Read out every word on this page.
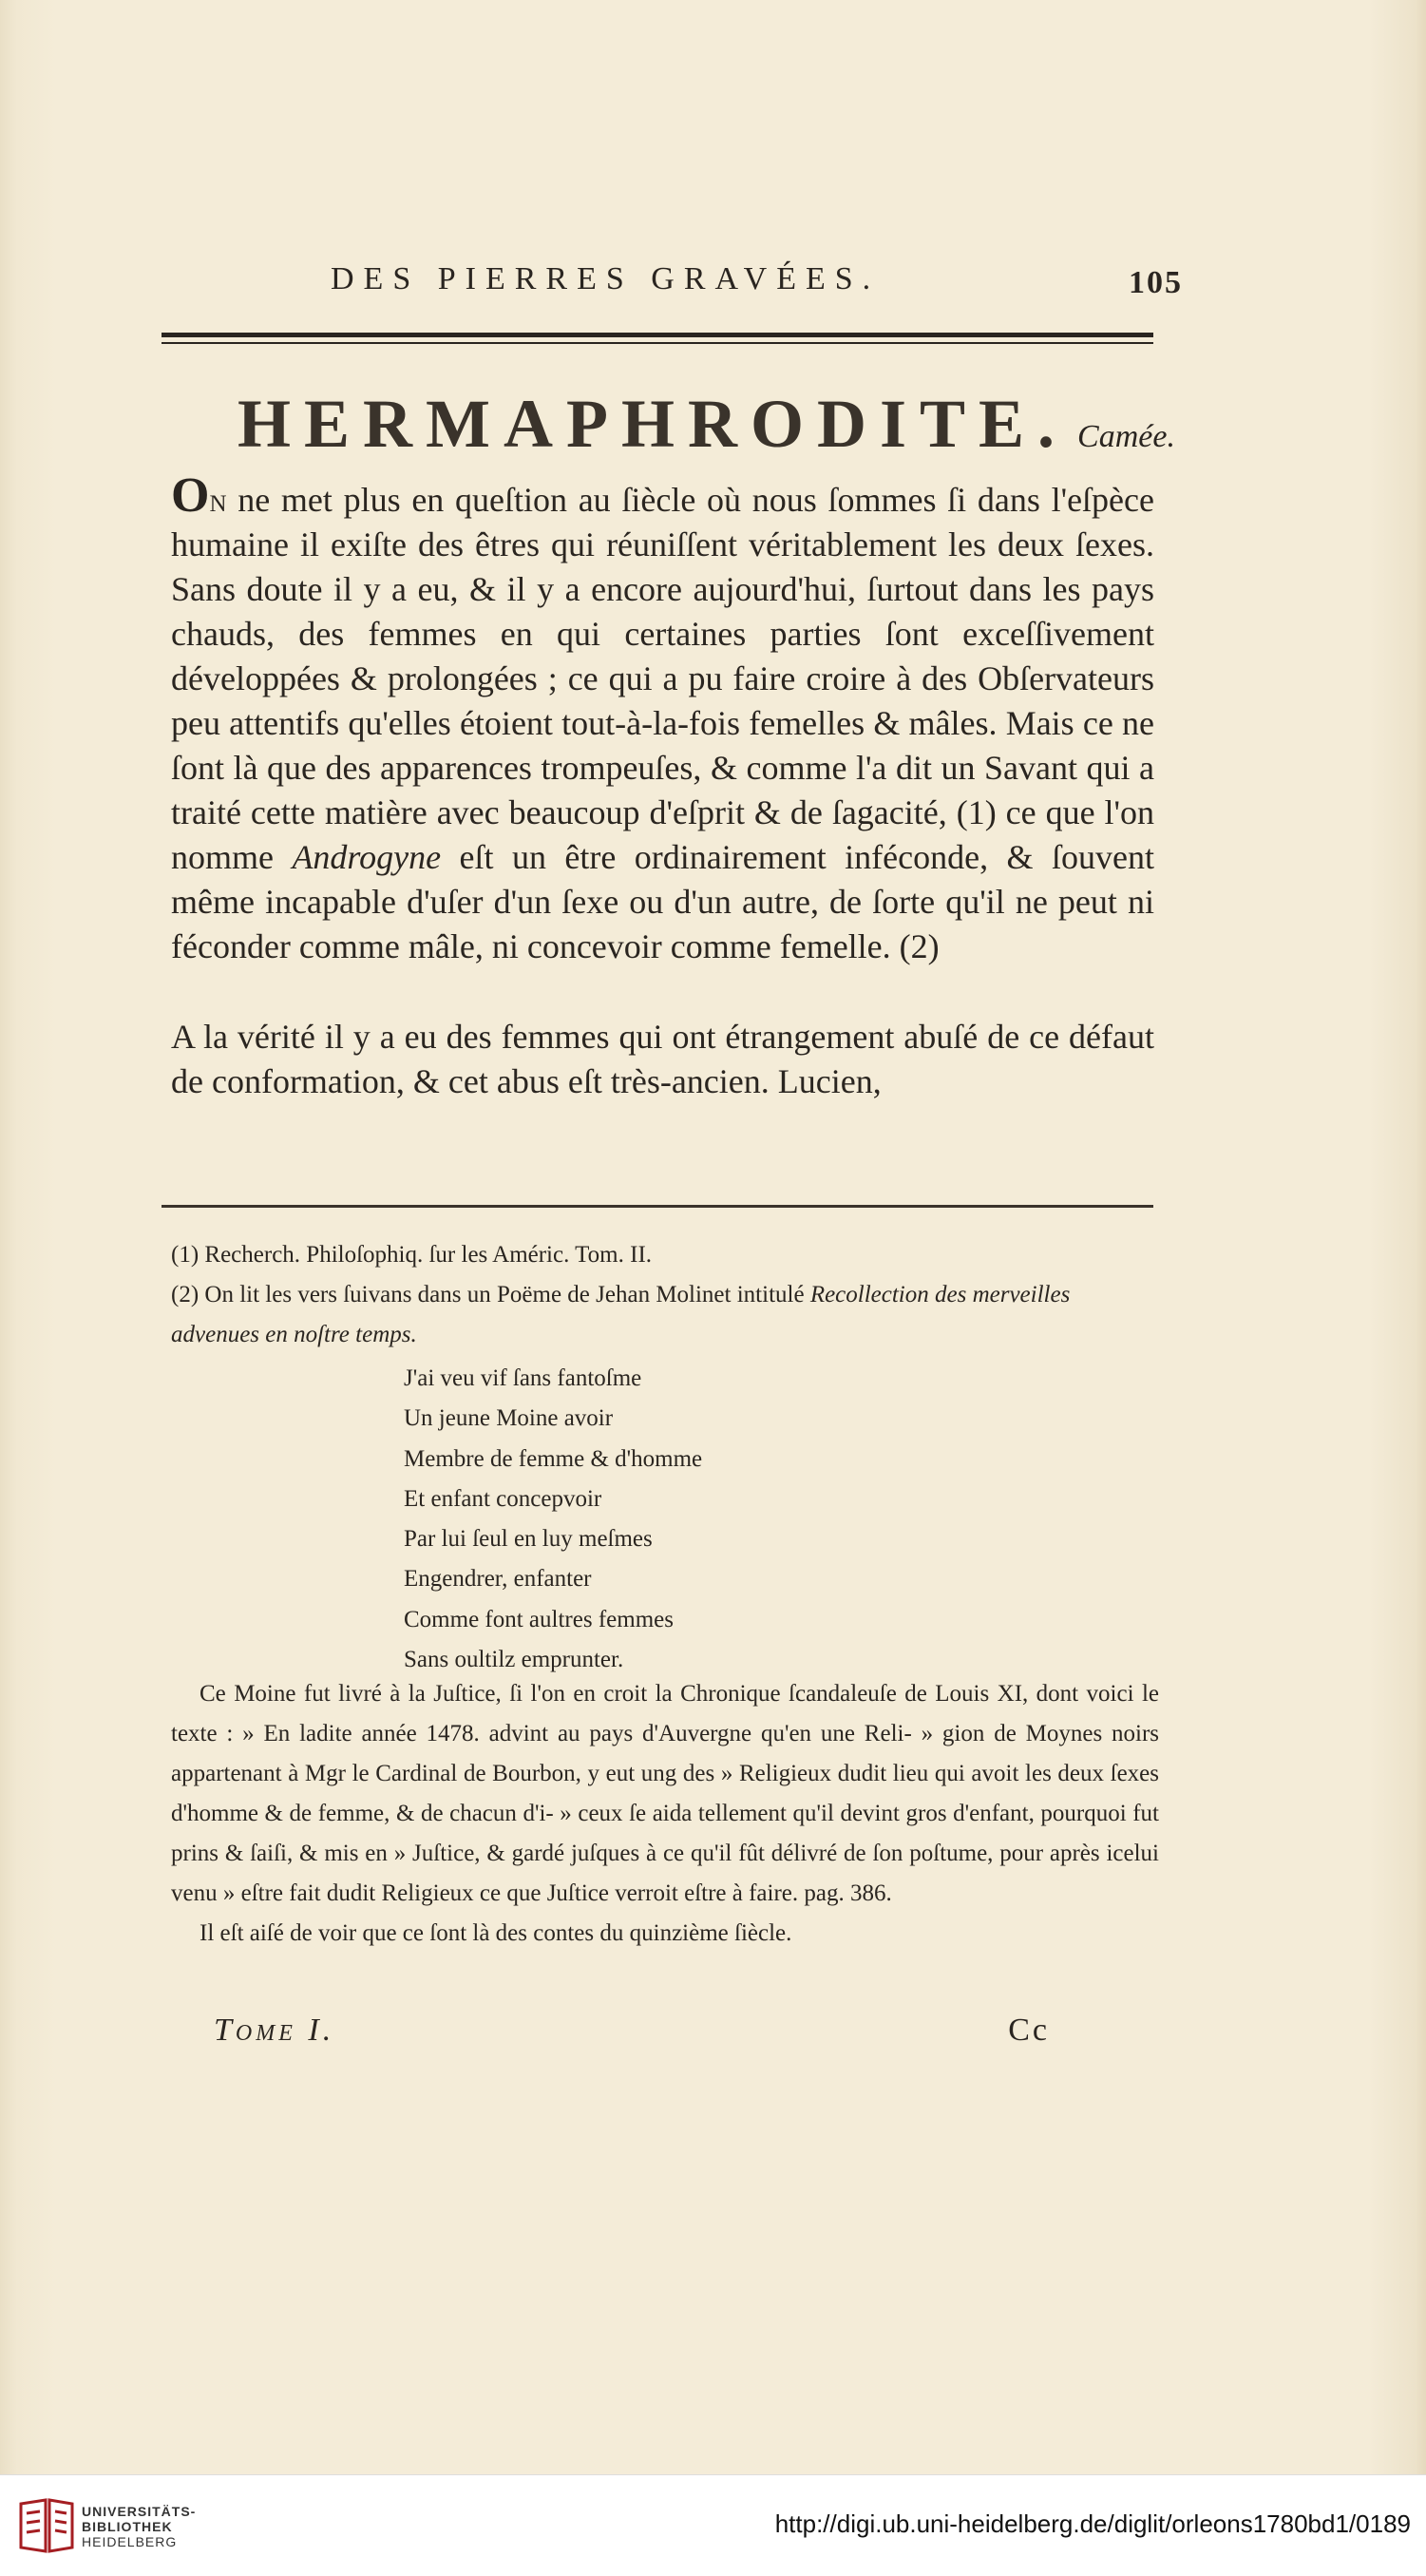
DES PIERRES GRAVÉES.	105
HERMAPHRODITE. Camée.

On ne met plus en queſtion au ſiècle où nous ſommes ſi dans l'eſpèce humaine il exiſte des êtres qui réuniſſent véritablement les deux ſexes. Sans doute il y a eu, & il y a encore aujourd'hui, ſurtout dans les pays chauds, des femmes en qui certaines parties ſont exceſſivement développées & prolongées ; ce qui a pu faire croire à des Obſervateurs peu attentifs qu'elles étoient tout-à-la-fois femelles & mâles. Mais ce ne ſont là que des apparences trompeuſes, & comme l'a dit un Savant qui a traité cette matière avec beaucoup d'eſprit & de ſagacité, (1) ce que l'on nomme Androgyne eſt un être ordinairement inféconde, & ſouvent même incapable d'uſer d'un ſexe ou d'un autre, de ſorte qu'il ne peut ni féconder comme mâle, ni concevoir comme femelle. (2)

A la vérité il y a eu des femmes qui ont étrangement abuſé de ce défaut de conformation, & cet abus eſt très-ancien. Lucien,

(1) Recherch. Philoſophiq. ſur les Améric. Tom. II.

(2) On lit les vers ſuivans dans un Poëme de Jehan Molinet intitulé Recollection des merveilles advenues en noſtre temps.

J'ai veu vif ſans fantoſme
Un jeune Moine avoir
Membre de femme & d'homme
Et enfant concepvoir
Par lui ſeul en luy meſmes
Engendrer, enfanter
Comme font aultres femmes
Sans oultilz emprunter.

Ce Moine fut livré à la Juſtice, ſi l'on en croit la Chronique ſcandaleuſe de Louis XI, dont voici le texte : » En ladite année 1478. advint au pays d'Auvergne qu'en une Reli- » gion de Moynes noirs appartenant à Mgr le Cardinal de Bourbon, y eut ung des » Religieux dudit lieu qui avoit les deux ſexes d'homme & de femme, & de chacun d'i- » ceux ſe aida tellement qu'il devint gros d'enfant, pourquoi fut prins & ſaiſi, & mis en » Juſtice, & gardé juſques à ce qu'il fût délivré de ſon poſtume, pour après icelui venu » eſtre fait dudit Religieux ce que Juſtice verroit eſtre à faire. pag. 386.

Il eſt aiſé de voir que ce ſont là des contes du quinzième ſiècle.

Tome I.	Cc
UNIVERSITÄTS-
BIBLIOTHEK
HEIDELBERG
http://digi.ub.uni-heidelberg.de/diglit/orleons1780bd1/0189
